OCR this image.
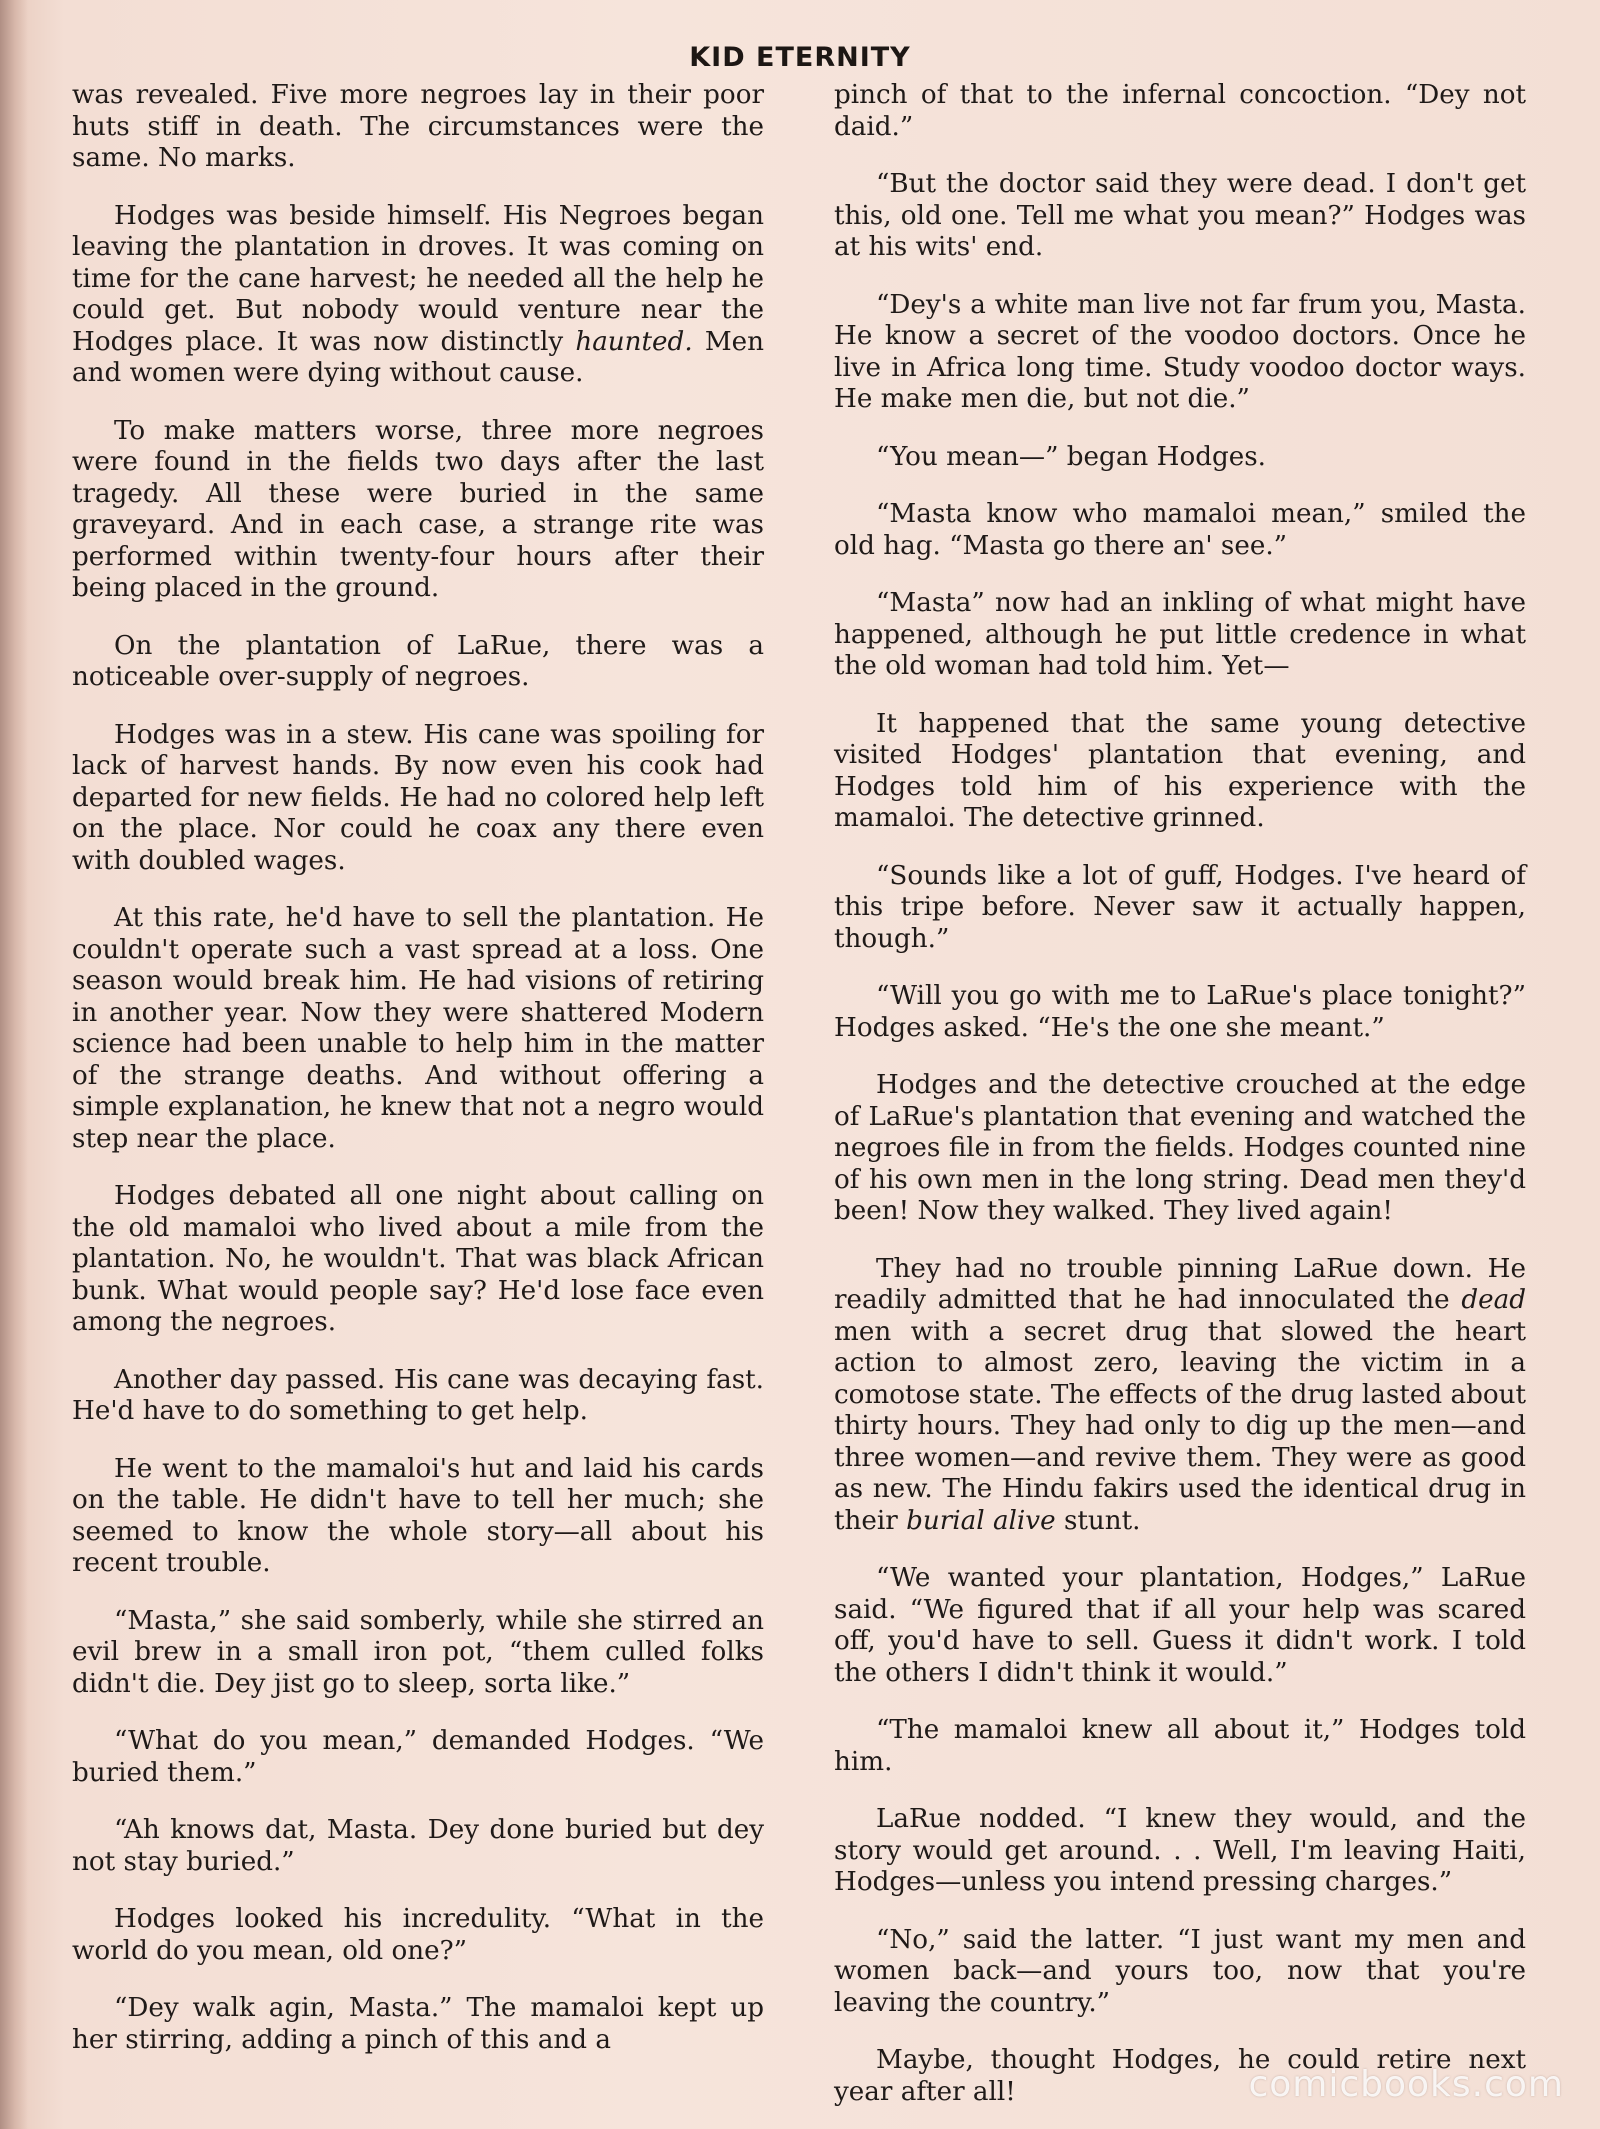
KID ETERNITY

was revealed. Five more negroes lay in their poor huts stiff in death. The circumstances were the same. No marks.

Hodges was beside himself. His Negroes began leaving the plantation in droves. It was coming on time for the cane harvest; he needed all the help he could get. But nobody would venture near the Hodges place. It was now distinctly haunted. Men and women were dying without cause.

To make matters worse, three more negroes were found in the fields two days after the last tragedy. All these were buried in the same graveyard. And in each case, a strange rite was performed within twenty-four hours after their being placed in the ground.

On the plantation of LaRue, there was a noticeable over-supply of negroes.

Hodges was in a stew. His cane was spoiling for lack of harvest hands. By now even his cook had departed for new fields. He had no colored help left on the place. Nor could he coax any there even with doubled wages.

At this rate, he'd have to sell the plantation. He couldn't operate such a vast spread at a loss. One season would break him. He had visions of retiring in another year. Now they were shattered Modern science had been unable to help him in the matter of the strange deaths. And without offering a simple explanation, he knew that not a negro would step near the place.

Hodges debated all one night about calling on the old mamaloi who lived about a mile from the plantation. No, he wouldn't. That was black African bunk. What would people say? He'd lose face even among the negroes.

Another day passed. His cane was decaying fast. He'd have to do something to get help.

He went to the mamaloi's hut and laid his cards on the table. He didn't have to tell her much; she seemed to know the whole story—all about his recent trouble.

“Masta,” she said somberly, while she stirred an evil brew in a small iron pot, “them culled folks didn't die. Dey jist go to sleep, sorta like.”

“What do you mean,” demanded Hodges. “We buried them.”

“Ah knows dat, Masta. Dey done buried but dey not stay buried.”

Hodges looked his incredulity. “What in the world do you mean, old one?”

“Dey walk agin, Masta.” The mamaloi kept up her stirring, adding a pinch of this and a

pinch of that to the infernal concoction. “Dey not daid.”

“But the doctor said they were dead. I don't get this, old one. Tell me what you mean?” Hodges was at his wits' end.

“Dey's a white man live not far frum you, Masta. He know a secret of the voodoo doctors. Once he live in Africa long time. Study voodoo doctor ways. He make men die, but not die.”

“You mean—” began Hodges.

“Masta know who mamaloi mean,” smiled the old hag. “Masta go there an' see.”

“Masta” now had an inkling of what might have happened, although he put little credence in what the old woman had told him. Yet—

It happened that the same young detective visited Hodges' plantation that evening, and Hodges told him of his experience with the mamaloi. The detective grinned.

“Sounds like a lot of guff, Hodges. I've heard of this tripe before. Never saw it actually happen, though.”

“Will you go with me to LaRue's place tonight?” Hodges asked. “He's the one she meant.”

Hodges and the detective crouched at the edge of LaRue's plantation that evening and watched the negroes file in from the fields. Hodges counted nine of his own men in the long string. Dead men they'd been! Now they walked. They lived again!

They had no trouble pinning LaRue down. He readily admitted that he had innoculated the dead men with a secret drug that slowed the heart action to almost zero, leaving the victim in a comotose state. The effects of the drug lasted about thirty hours. They had only to dig up the men—and three women—and revive them. They were as good as new. The Hindu fakirs used the identical drug in their burial alive stunt.

“We wanted your plantation, Hodges,” LaRue said. “We figured that if all your help was scared off, you'd have to sell. Guess it didn't work. I told the others I didn't think it would.”

“The mamaloi knew all about it,” Hodges told him.

LaRue nodded. “I knew they would, and the story would get around. . . Well, I'm leaving Haiti, Hodges—unless you intend pressing charges.”

“No,” said the latter. “I just want my men and women back—and yours too, now that you're leaving the country.”

Maybe, thought Hodges, he could retire next year after all!	comicbooks.com
